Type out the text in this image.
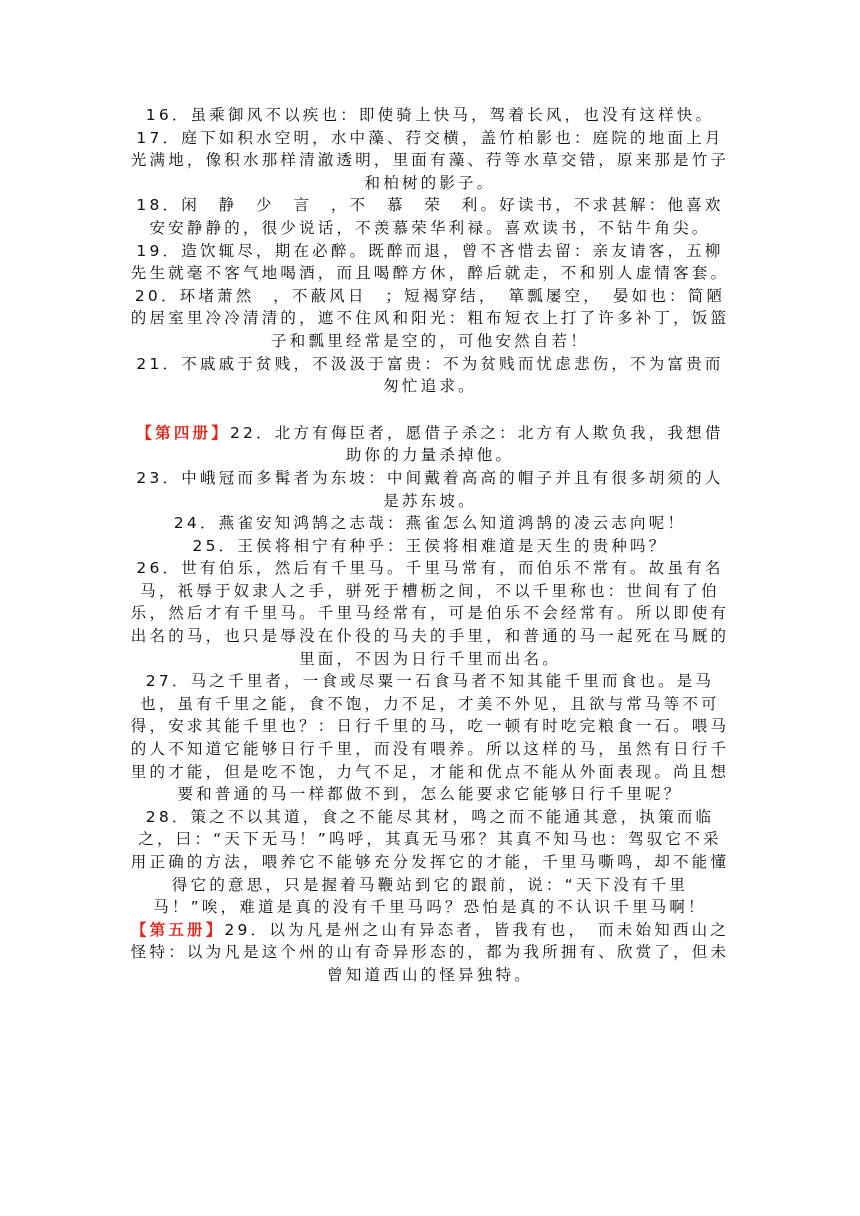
16．虽乘御风不以疾也：即使骑上快马，驾着长风，也没有这样快。

17．庭下如积水空明，水中藻、荇交横，盖竹柏影也：庭院的地面上月光满地，像积水那样清澈透明，里面有藻、荇等水草交错，原来那是竹子和柏树的影子。

18．闲　静　少　言　，不　慕　荣　利。好读书，不求甚解：他喜欢安安静静的，很少说话，不羡慕荣华利禄。喜欢读书，不钻牛角尖。19．造饮辄尽，期在必醉。既醉而退，曾不吝惜去留：亲友请客，五柳先生就毫不客气地喝酒，而且喝醉方休，醉后就走，不和别人虚情客套。

20．环堵萧然　，不蔽风日　；短褐穿结，　箪瓢屡空，　晏如也：简陋的居室里冷冷清清的，遮不住风和阳光：粗布短衣上打了许多补丁，饭篮子和瓢里经常是空的，可他安然自若！

21．不戚戚于贫贱，不汲汲于富贵：不为贫贱而忧虑悲伤，不为富贵而匆忙追求。

【第四册】22．北方有侮臣者，愿借子杀之：北方有人欺负我，我想借助你的力量杀掉他。

23．中峨冠而多髯者为东坡：中间戴着高高的帽子并且有很多胡须的人是苏东坡。

24．燕雀安知鸿鹄之志哉：燕雀怎么知道鸿鹄的凌云志向呢！

25．王侯将相宁有种乎：王侯将相难道是天生的贵种吗？

26．世有伯乐，然后有千里马。千里马常有，而伯乐不常有。故虽有名马，祇辱于奴隶人之手，骈死于槽枥之间，不以千里称也：世间有了伯乐，然后才有千里马。千里马经常有，可是伯乐不会经常有。所以即使有出名的马，也只是辱没在仆役的马夫的手里，和普通的马一起死在马厩的里面，不因为日行千里而出名。

27．马之千里者，一食或尽粟一石食马者不知其能千里而食也。是马也，虽有千里之能，食不饱，力不足，才美不外见，且欲与常马等不可得，安求其能千里也？：日行千里的马，吃一顿有时吃完粮食一石。喂马的人不知道它能够日行千里，而没有喂养。所以这样的马，虽然有日行千里的才能，但是吃不饱，力气不足，才能和优点不能从外面表现。尚且想要和普通的马一样都做不到，怎么能要求它能够日行千里呢？

28．策之不以其道，食之不能尽其材，鸣之而不能通其意，执策而临之，曰：“天下无马！”呜呼，其真无马邪？其真不知马也：驾驭它不采用正确的方法，喂养它不能够充分发挥它的才能，千里马嘶鸣，却不能懂得它的意思，只是握着马鞭站到它的跟前，说：“天下没有千里马！”唉，难道是真的没有千里马吗？恐怕是真的不认识千里马啊！

【第五册】29．以为凡是州之山有异态者，皆我有也，　而未始知西山之怪特：以为凡是这个州的山有奇异形态的，都为我所拥有、欣赏了，但未曾知道西山的怪异独特。
